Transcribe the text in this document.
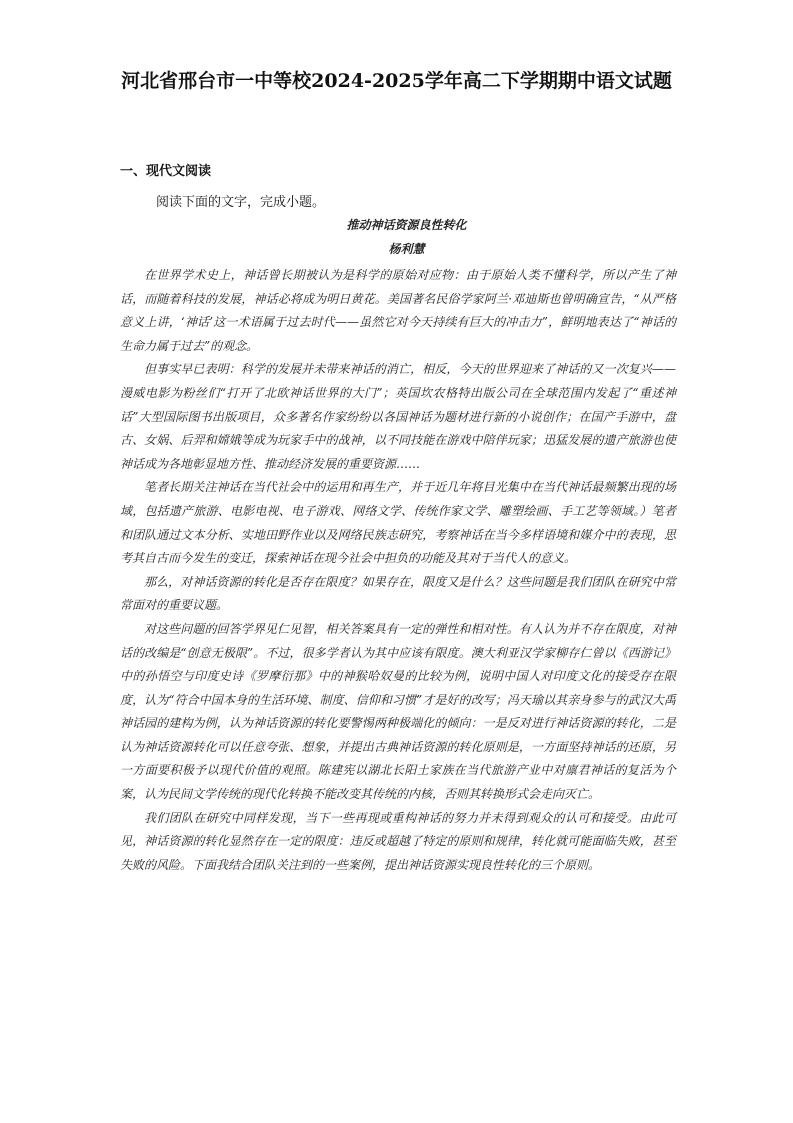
河北省邢台市一中等校2024-2025学年高二下学期期中语文试题
一、现代文阅读
阅读下面的文字，完成小题。
推动神话资源良性转化
杨利慧

在世界学术史上，神话曾长期被认为是科学的原始对应物：由于原始人类不懂科学，所以产生了神话，而随着科技的发展，神话必将成为明日黄花。美国著名民俗学家阿兰·邓迪斯也曾明确宣告，“从严格意义上讲，‘神话’这一术语属于过去时代——虽然它对今天持续有巨大的冲击力”，鲜明地表达了“神话的生命力属于过去”的观念。

但事实早已表明：科学的发展并未带来神话的消亡，相反，今天的世界迎来了神话的又一次复兴——漫威电影为粉丝们“打开了北欧神话世界的大门”；英国坎农格特出版公司在全球范围内发起了“重述神话”大型国际图书出版项目，众多著名作家纷纷以各国神话为题材进行新的小说创作；在国产手游中，盘古、女娲、后羿和嫦娥等成为玩家手中的战神，以不同技能在游戏中陪伴玩家；迅猛发展的遗产旅游也使神话成为各地彰显地方性、推动经济发展的重要资源……

笔者长期关注神话在当代社会中的运用和再生产，并于近几年将目光集中在当代神话最频繁出现的场域，包括遗产旅游、电影电视、电子游戏、网络文学、传统作家文学、雕塑绘画、手工艺等领域。）笔者和团队通过文本分析、实地田野作业以及网络民族志研究，考察神话在当今多样语境和媒介中的表现，思考其自古而今发生的变迁，探索神话在现今社会中担负的功能及其对于当代人的意义。

那么，对神话资源的转化是否存在限度？如果存在，限度又是什么？这些问题是我们团队在研究中常常面对的重要议题。

对这些问题的回答学界见仁见智，相关答案具有一定的弹性和相对性。有人认为并不存在限度，对神话的改编是“创意无极限”。不过，很多学者认为其中应该有限度。澳大利亚汉学家柳存仁曾以《西游记》中的孙悟空与印度史诗《罗摩衍那》中的神猴哈奴曼的比较为例，说明中国人对印度文化的接受存在限度，认为“符合中国本身的生活环境、制度、信仰和习惯”才是好的改写；冯天瑜以其亲身参与的武汉大禹神话园的建构为例，认为神话资源的转化要警惕两种极端化的倾向：一是反对进行神话资源的转化，二是认为神话资源转化可以任意夸张、想象，并提出古典神话资源的转化原则是，一方面坚持神话的还原，另一方面要积极予以现代价值的观照。陈建宪以湖北长阳土家族在当代旅游产业中对廪君神话的复活为个案，认为民间文学传统的现代化转换不能改变其传统的内核，否则其转换形式会走向灭亡。

我们团队在研究中同样发现，当下一些再现或重构神话的努力并未得到观众的认可和接受。由此可见，神话资源的转化显然存在一定的限度：违反或超越了特定的原则和规律，转化就可能面临失败，甚至失败的风险。下面我结合团队关注到的一些案例，提出神话资源实现良性转化的三个原则。
